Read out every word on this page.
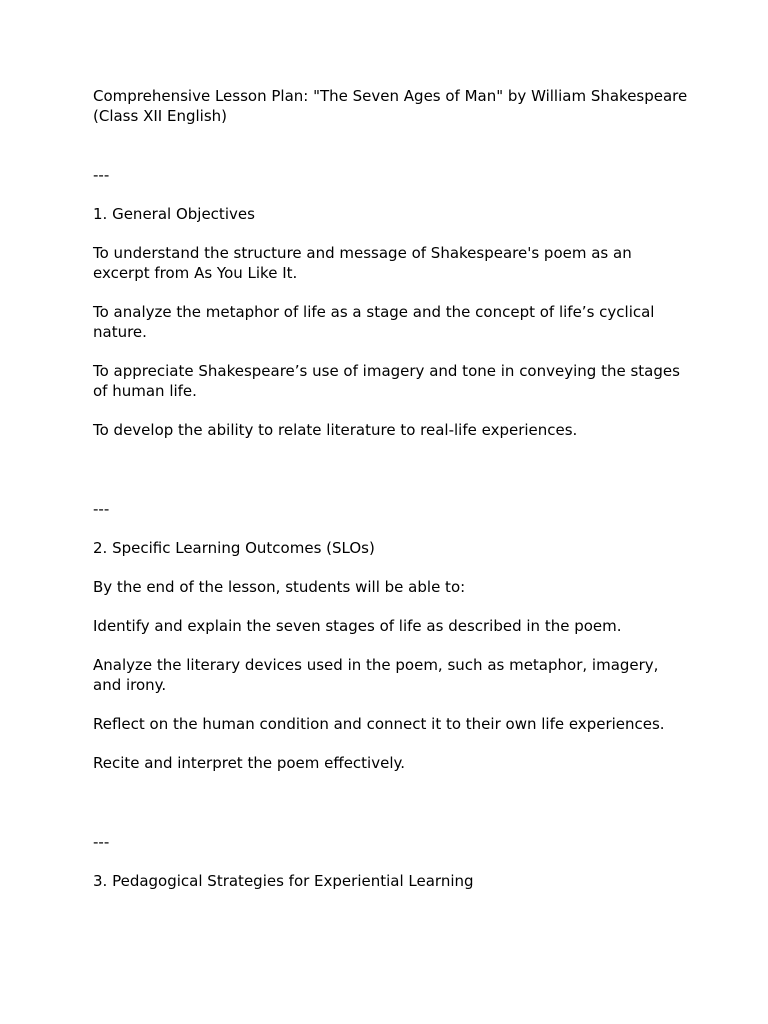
Comprehensive Lesson Plan: "The Seven Ages of Man" by William Shakespeare (Class XII English)

---

1. General Objectives

To understand the structure and message of Shakespeare's poem as an excerpt from As You Like It.

To analyze the metaphor of life as a stage and the concept of life’s cyclical nature.

To appreciate Shakespeare’s use of imagery and tone in conveying the stages of human life.

To develop the ability to relate literature to real-life experiences.

---

2. Specific Learning Outcomes (SLOs)

By the end of the lesson, students will be able to:

Identify and explain the seven stages of life as described in the poem.

Analyze the literary devices used in the poem, such as metaphor, imagery, and irony.

Reflect on the human condition and connect it to their own life experiences.

Recite and interpret the poem effectively.

---

3. Pedagogical Strategies for Experiential Learning
